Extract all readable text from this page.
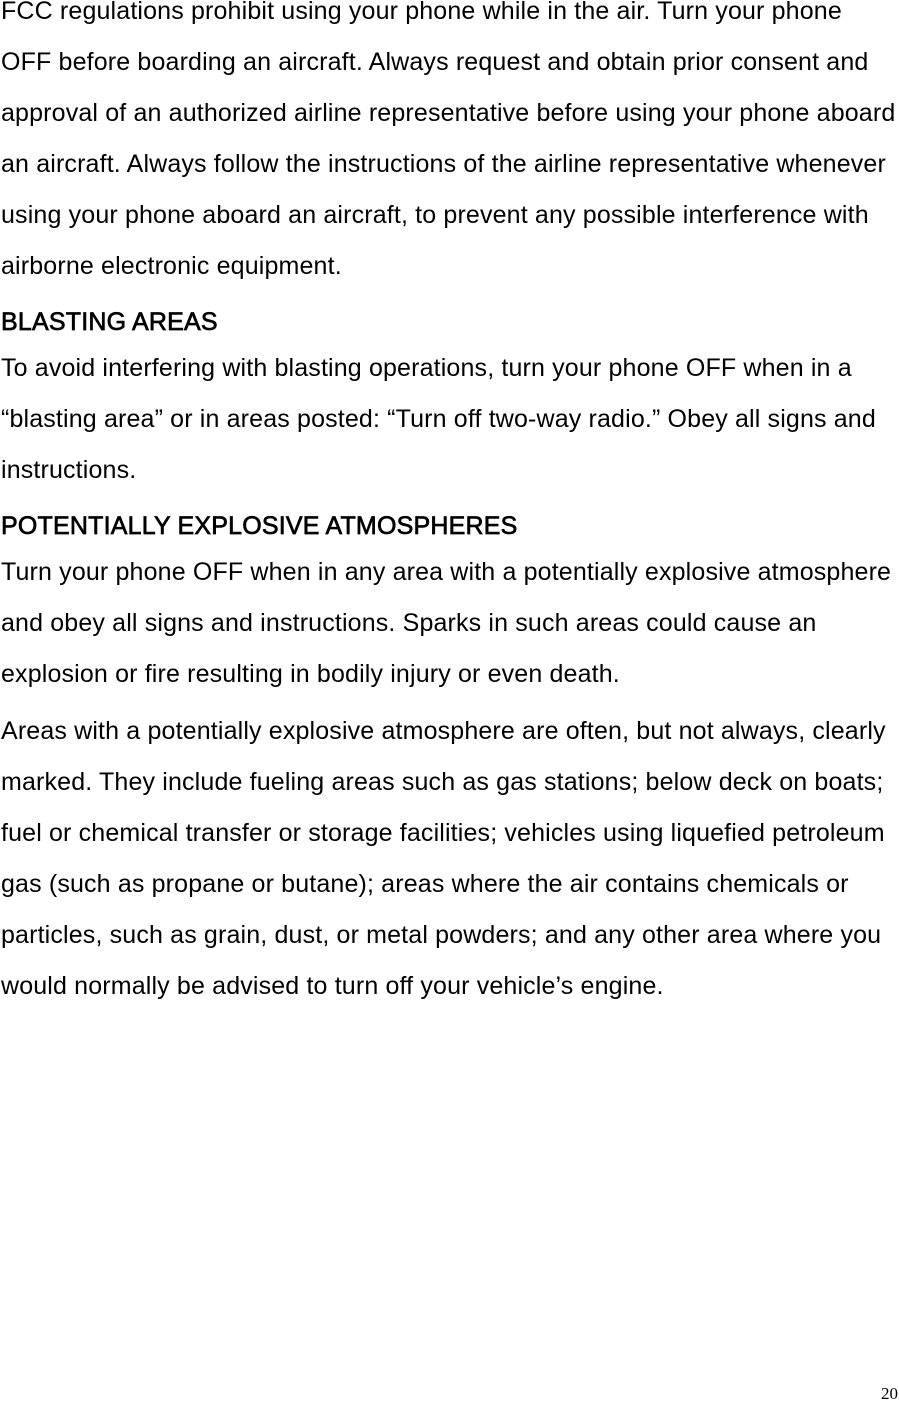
FCC regulations prohibit using your phone while in the air. Turn your phone OFF before boarding an aircraft. Always request and obtain prior consent and approval of an authorized airline representative before using your phone aboard an aircraft. Always follow the instructions of the airline representative whenever using your phone aboard an aircraft, to prevent any possible interference with airborne electronic equipment.

BLASTING AREAS

To avoid interfering with blasting operations, turn your phone OFF when in a “blasting area” or in areas posted: “Turn off two-way radio.” Obey all signs and instructions.

POTENTIALLY EXPLOSIVE ATMOSPHERES

Turn your phone OFF when in any area with a potentially explosive atmosphere and obey all signs and instructions. Sparks in such areas could cause an explosion or fire resulting in bodily injury or even death.

Areas with a potentially explosive atmosphere are often, but not always, clearly marked. They include fueling areas such as gas stations; below deck on boats; fuel or chemical transfer or storage facilities; vehicles using liquefied petroleum gas (such as propane or butane); areas where the air contains chemicals or particles, such as grain, dust, or metal powders; and any other area where you would normally be advised to turn off your vehicle’s engine.

20
